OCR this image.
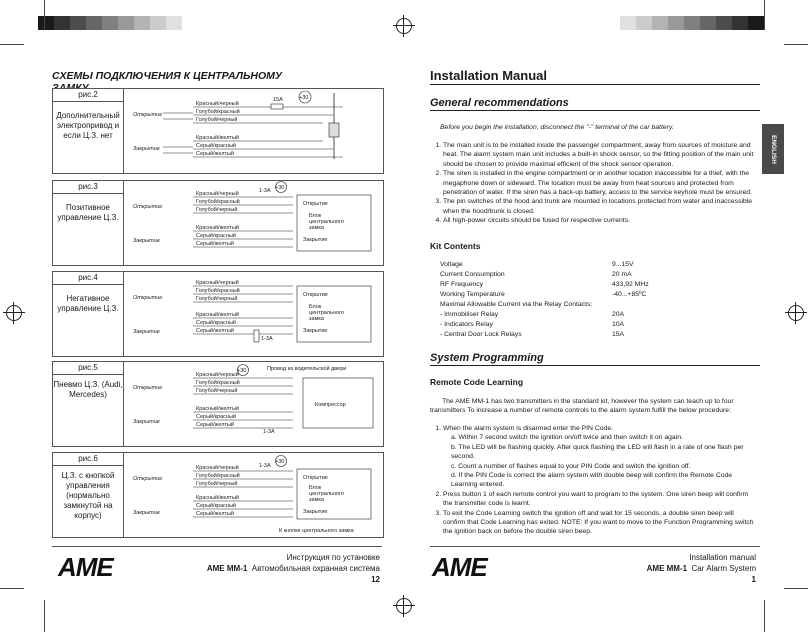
СХЕМЫ ПОДКЛЮЧЕНИЯ К ЦЕНТРАЛЬНОМУ
рис.2
Дополнительный электропривод и если Ц.З. нет
Открытие
Закрытие
Красный/черный
Голубой/красный
Голубой/черный
Красный/желтый
Серый/красный
Серый/желтый
15A	+30
рис.3
Позитивное управление Ц.З.
Открытие
Закрытие
Красный/черный
Голубой/красный
Голубой/черный
Красный/желтый
Серый/красный
Серый/желтый
1-3A +30
Открытие
Блок
центрального
замка
Закрытие
рис.4
Негативное управление Ц.З.
Открытие
Закрытие
Красный/черный
Голубой/красный
Голубой/черный
Красный/желтый
Серый/красный
Серый/желтый
1-3A
Открытие
Блок
центрального
замка
Закрытие
рис.5
Пневмо Ц.З. (Audi, Mercedes)
Открытие
Закрытие
+30	Провод из водительской двери
Красный/черный
Голубой/красный
Голубой/черный
Красный/желтый
Серый/красный
Серый/желтый
1-3A
Компрессор
рис.6
Ц.З. с кнопкой управления (нормально замкнутой на корпус)
Открытие
Закрытие
1-3A
+30
Красный/черный
Голубой/красный
Голубой/черный
Красный/желтый
Серый/красный
Серый/желтый
Открытие
Блок
центрального
замка
Закрытие
К кнопке центрального замка
AME	Инструкция по установке
AME MM-1 Автомобильная охранная система
12
Installation Manual
ENGLISH
General recommendations
Before you begin the installation, disconnect the "-" terminal of the car battery.
1. The main unit is to be installed inside the passenger compartment, away from sources of moisture and heat. The alarm system main unit includes a built-in shock sensor, so the fitting position of the main unit should be chosen to provide maximal efficient of the shock sensor operation.
2. The siren is installed in the engine compartment or in another location inaccessible for a thief, with the megaphone down or sideward. The location must be away from heat sources and protected from penetration of water. If the siren has a back-up battery, access to the service keyhole must be ensured.
3. The pin switches of the hood and trunk are mounted in locations protected from water and inaccessible when the hood/trunk is closed.
4. All high-power circuits should be fused for respective currents.
Kit Contents
Voltage	9...15V
Current Consumption	20 mA
RF Frequency	433,92 MHz
Working Temperature	-40...+85ºC
Maximal Allowable Current via the Relay Contacts:	
- Immobiliser Relay	20A
- Indicators Relay	10A
- Central Door Lock Relays	15A
System Programming
Remote Code Learning
The AME MM-1 has two transmitters in the standard kit, however the system can teach up to four transmitters To increase a number of remote controls to the alarm system fulfill the below procedure:
1. When the alarm system is disarmed enter the PIN Code.
a. Within 7 second switch the ignition on/off twice and then switch it on again.
b. The LED will be flashing quickly. After quick flashing the LED will flash in a rate of one flash per second.
c. Count a number of flashes equal to your PIN Code and switch the ignition off.
d. If the PIN Code is correct the alarm system with double beep will confirm the Remote Code Learning entered.
2. Press button 1 of each remote control you want to program to the system. One siren beep will confirm the transmitter code is learnt.
3. To exit the Code Learning switch the ignition off and wait for 15 seconds, a double siren beep will confirm that Code Learning has exited. NOTE: If you want to move to the Function Programming switch the ignition back on before the double siren beep.
AME	Installation manual
AME MM-1 Car Alarm System
1
